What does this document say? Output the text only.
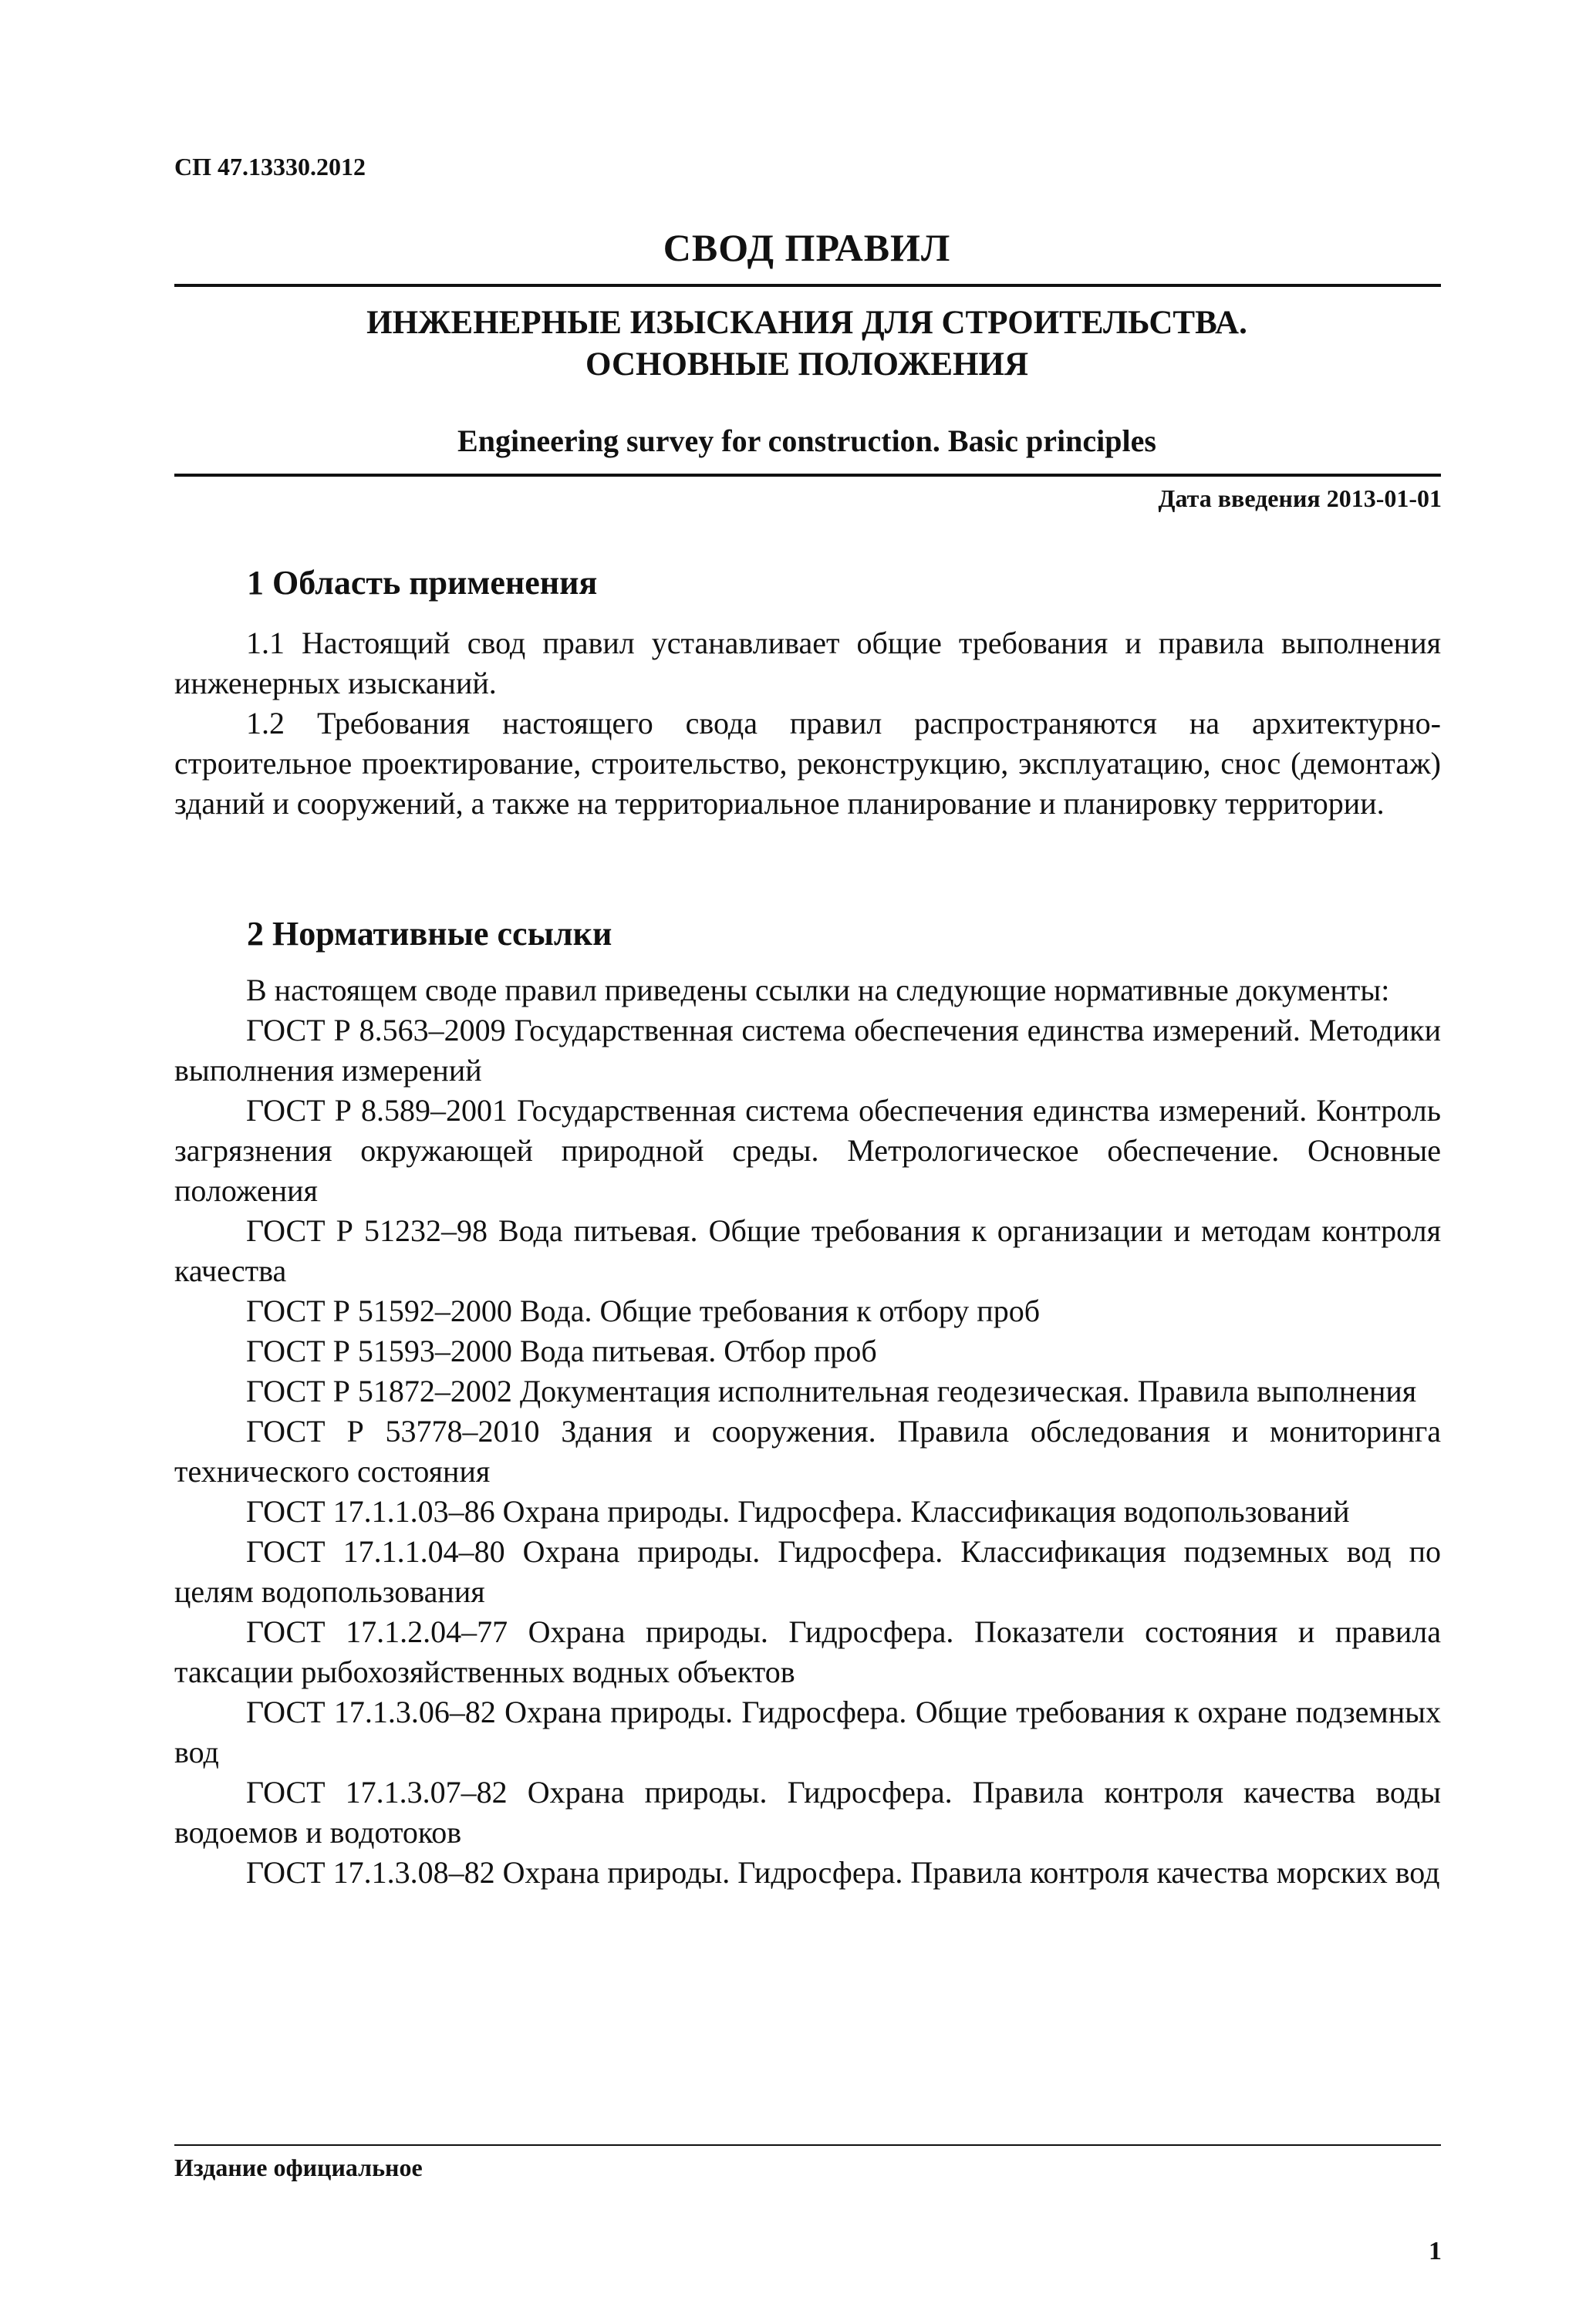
СП 47.13330.2012
СВОД ПРАВИЛ
ИНЖЕНЕРНЫЕ ИЗЫСКАНИЯ ДЛЯ СТРОИТЕЛЬСТВА.
ОСНОВНЫЕ ПОЛОЖЕНИЯ
Engineering survey for construction. Basic principles
Дата введения 2013-01-01
1 Область применения

1.1 Настоящий свод правил устанавливает общие требования и правила выполнения инженерных изысканий.

1.2 Требования настоящего свода правил распространяются на архитектурно-строительное проектирование, строительство, реконструкцию, эксплуатацию, снос (демонтаж) зданий и сооружений, а также на территориальное планирование и планировку территории.

2 Нормативные ссылки

В настоящем своде правил приведены ссылки на следующие нормативные документы:

ГОСТ Р 8.563–2009 Государственная система обеспечения единства измерений. Методики выполнения измерений

ГОСТ Р 8.589–2001 Государственная система обеспечения единства измерений. Контроль загрязнения окружающей природной среды. Метрологическое обеспечение. Основные положения

ГОСТ Р 51232–98 Вода питьевая. Общие требования к организации и методам контроля качества

ГОСТ Р 51592–2000 Вода. Общие требования к отбору проб

ГОСТ Р 51593–2000 Вода питьевая. Отбор проб

ГОСТ Р 51872–2002 Документация исполнительная геодезическая. Правила выполнения

ГОСТ Р 53778–2010 Здания и сооружения. Правила обследования и мониторинга технического состояния

ГОСТ 17.1.1.03–86 Охрана природы. Гидросфера. Классификация водопользований

ГОСТ 17.1.1.04–80 Охрана природы. Гидросфера. Классификация подземных вод по целям водопользования

ГОСТ 17.1.2.04–77 Охрана природы. Гидросфера. Показатели состояния и правила таксации рыбохозяйственных водных объектов

ГОСТ 17.1.3.06–82 Охрана природы. Гидросфера. Общие требования к охране подземных вод

ГОСТ 17.1.3.07–82 Охрана природы. Гидросфера. Правила контроля качества воды водоемов и водотоков

ГОСТ 17.1.3.08–82 Охрана природы. Гидросфера. Правила контроля качества морских вод

Издание официальное
1
